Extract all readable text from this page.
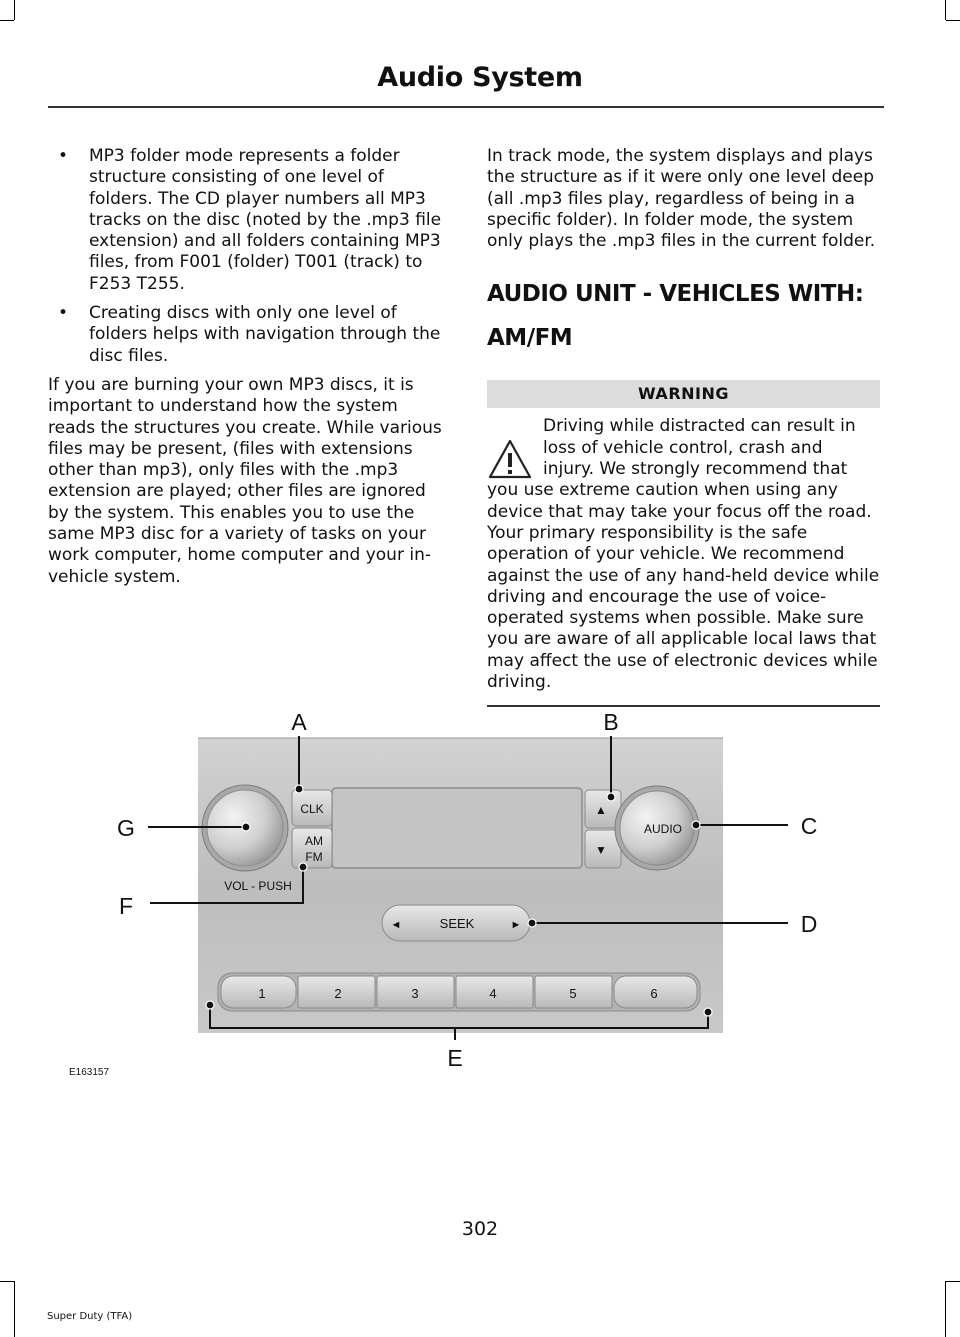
Audio System
• MP3 folder mode represents a folder structure consisting of one level of folders. The CD player numbers all MP3 tracks on the disc (noted by the .mp3 file extension) and all folders containing MP3 files, from F001 (folder) T001 (track) to F253 T255.
• Creating discs with only one level of folders helps with navigation through the disc files.

If you are burning your own MP3 discs, it is important to understand how the system reads the structures you create. While various files may be present, (files with extensions other than mp3), only files with the .mp3 extension are played; other files are ignored by the system. This enables you to use the same MP3 disc for a variety of tasks on your work computer, home computer and your in-vehicle system.

In track mode, the system displays and plays the structure as if it were only one level deep (all .mp3 files play, regardless of being in a specific folder). In folder mode, the system only plays the .mp3 files in the current folder.

AUDIO UNIT - VEHICLES WITH:
AM/FM
WARNING
Driving while distracted can result in
loss of vehicle control, crash and
injury. We strongly recommend that
you use extreme caution when using any device that may take your focus off the road. Your primary responsibility is the safe operation of your vehicle. We recommend against the use of any hand-held device while driving and encourage the use of voice-operated systems when possible. Make sure you are aware of all applicable local laws that may affect the use of electronic devices while driving.
CLK
AM
FM
VOL - PUSH
▲
▼
AUDIO
◄	SEEK	►
1	2	3	4	5	6
A	B
C
D
E
F
G
E163157
302
Super Duty (TFA)
